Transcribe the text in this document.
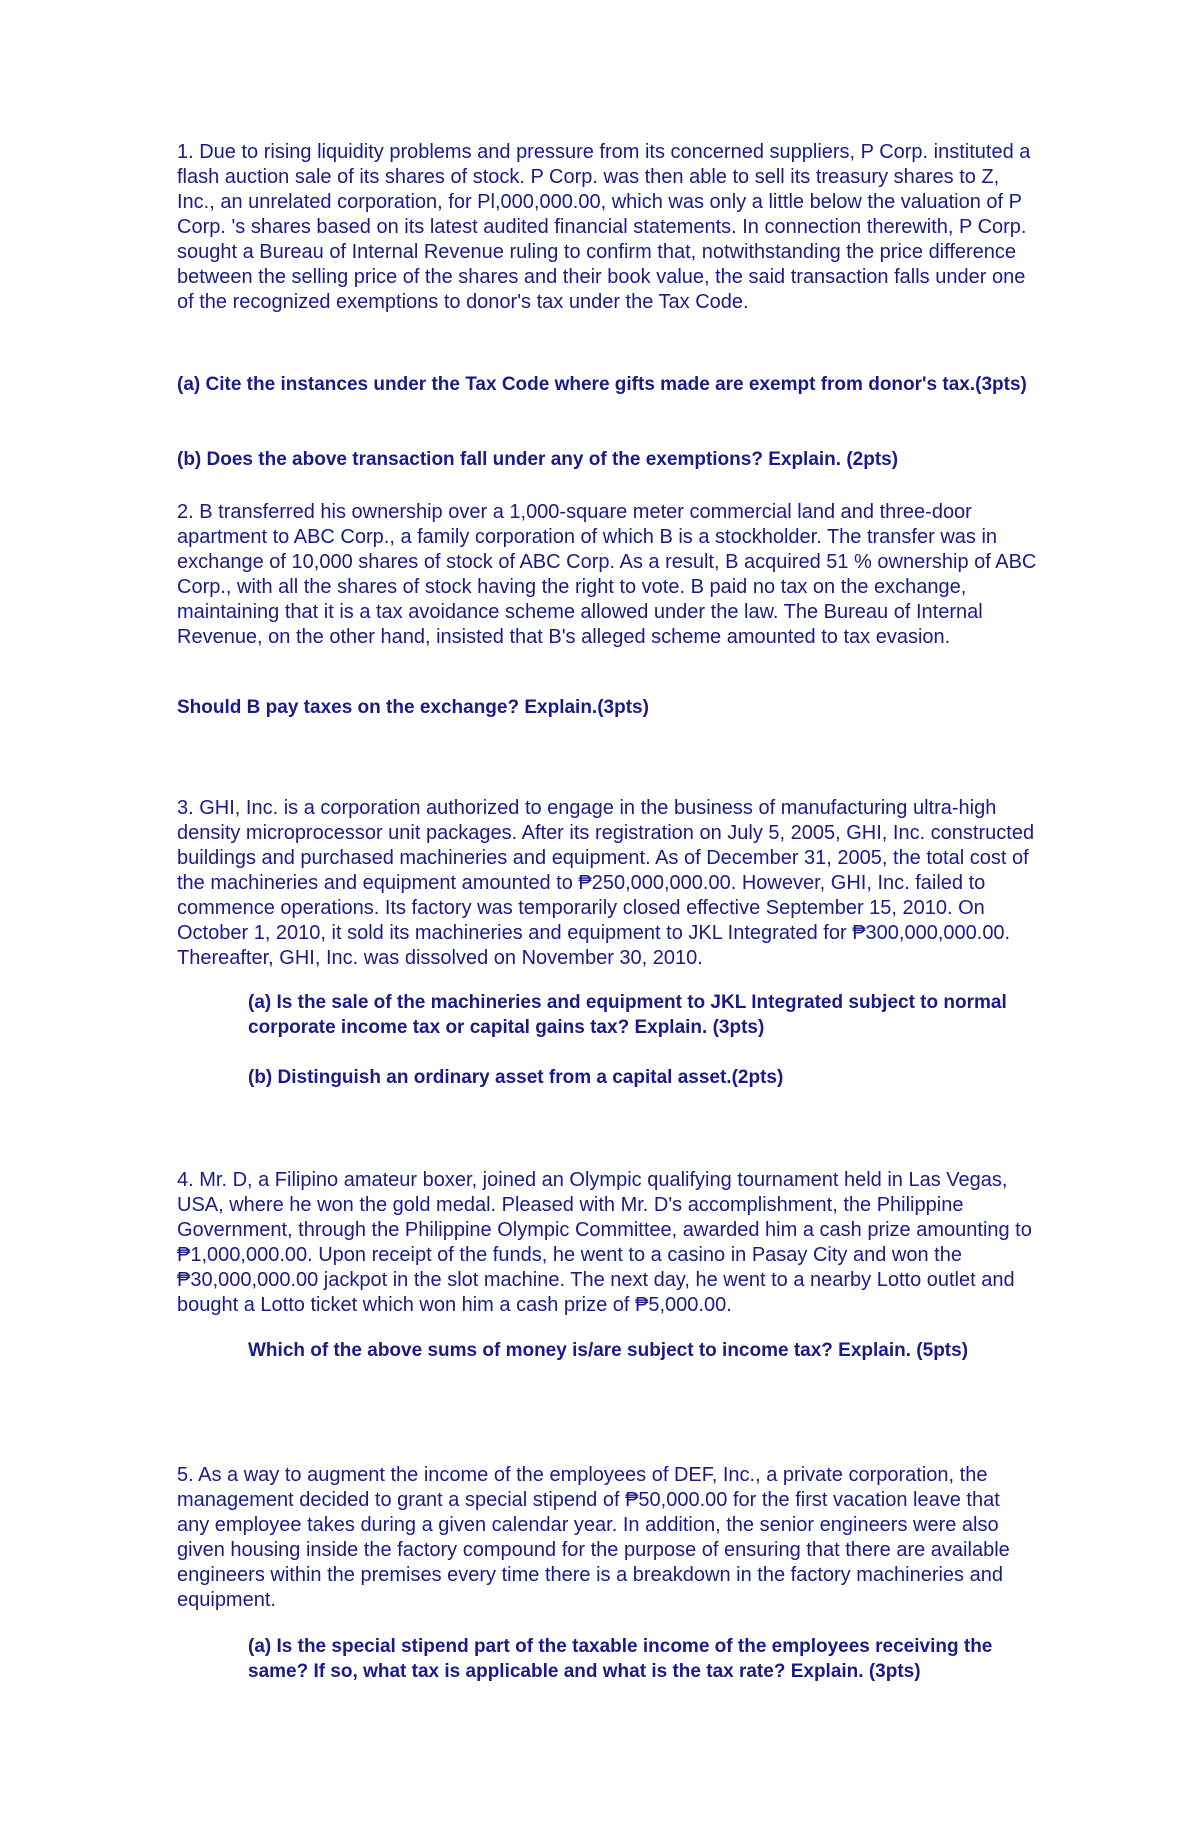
1. Due to rising liquidity problems and pressure from its concerned suppliers, P Corp. instituted a flash auction sale of its shares of stock. P Corp. was then able to sell its treasury shares to Z, Inc., an unrelated corporation, for Pl,000,000.00, which was only a little below the valuation of P Corp. 's shares based on its latest audited financial statements. In connection therewith, P Corp. sought a Bureau of Internal Revenue ruling to confirm that, notwithstanding the price difference between the selling price of the shares and their book value, the said transaction falls under one of the recognized exemptions to donor's tax under the Tax Code.

(a) Cite the instances under the Tax Code where gifts made are exempt from donor's tax.(3pts)

(b) Does the above transaction fall under any of the exemptions? Explain. (2pts)

2. B transferred his ownership over a 1,000-square meter commercial land and three-door apartment to ABC Corp., a family corporation of which B is a stockholder. The transfer was in exchange of 10,000 shares of stock of ABC Corp. As a result, B acquired 51 % ownership of ABC Corp., with all the shares of stock having the right to vote. B paid no tax on the exchange, maintaining that it is a tax avoidance scheme allowed under the law. The Bureau of Internal Revenue, on the other hand, insisted that B's alleged scheme amounted to tax evasion.

Should B pay taxes on the exchange? Explain.(3pts)

3. GHI, Inc. is a corporation authorized to engage in the business of manufacturing ultra-high density microprocessor unit packages. After its registration on July 5, 2005, GHI, Inc. constructed buildings and purchased machineries and equipment. As of December 31, 2005, the total cost of the machineries and equipment amounted to ₱250,000,000.00. However, GHI, Inc. failed to commence operations. Its factory was temporarily closed effective September 15, 2010. On October 1, 2010, it sold its machineries and equipment to JKL Integrated for ₱300,000,000.00. Thereafter, GHI, Inc. was dissolved on November 30, 2010.

(a) Is the sale of the machineries and equipment to JKL Integrated subject to normal corporate income tax or capital gains tax? Explain. (3pts)

(b) Distinguish an ordinary asset from a capital asset.(2pts)

4. Mr. D, a Filipino amateur boxer, joined an Olympic qualifying tournament held in Las Vegas, USA, where he won the gold medal. Pleased with Mr. D's accomplishment, the Philippine Government, through the Philippine Olympic Committee, awarded him a cash prize amounting to ₱1,000,000.00. Upon receipt of the funds, he went to a casino in Pasay City and won the ₱30,000,000.00 jackpot in the slot machine. The next day, he went to a nearby Lotto outlet and bought a Lotto ticket which won him a cash prize of ₱5,000.00.

Which of the above sums of money is/are subject to income tax? Explain. (5pts)

5. As a way to augment the income of the employees of DEF, Inc., a private corporation, the management decided to grant a special stipend of ₱50,000.00 for the first vacation leave that any employee takes during a given calendar year. In addition, the senior engineers were also given housing inside the factory compound for the purpose of ensuring that there are available engineers within the premises every time there is a breakdown in the factory machineries and equipment.

(a) Is the special stipend part of the taxable income of the employees receiving the same? If so, what tax is applicable and what is the tax rate? Explain. (3pts)
